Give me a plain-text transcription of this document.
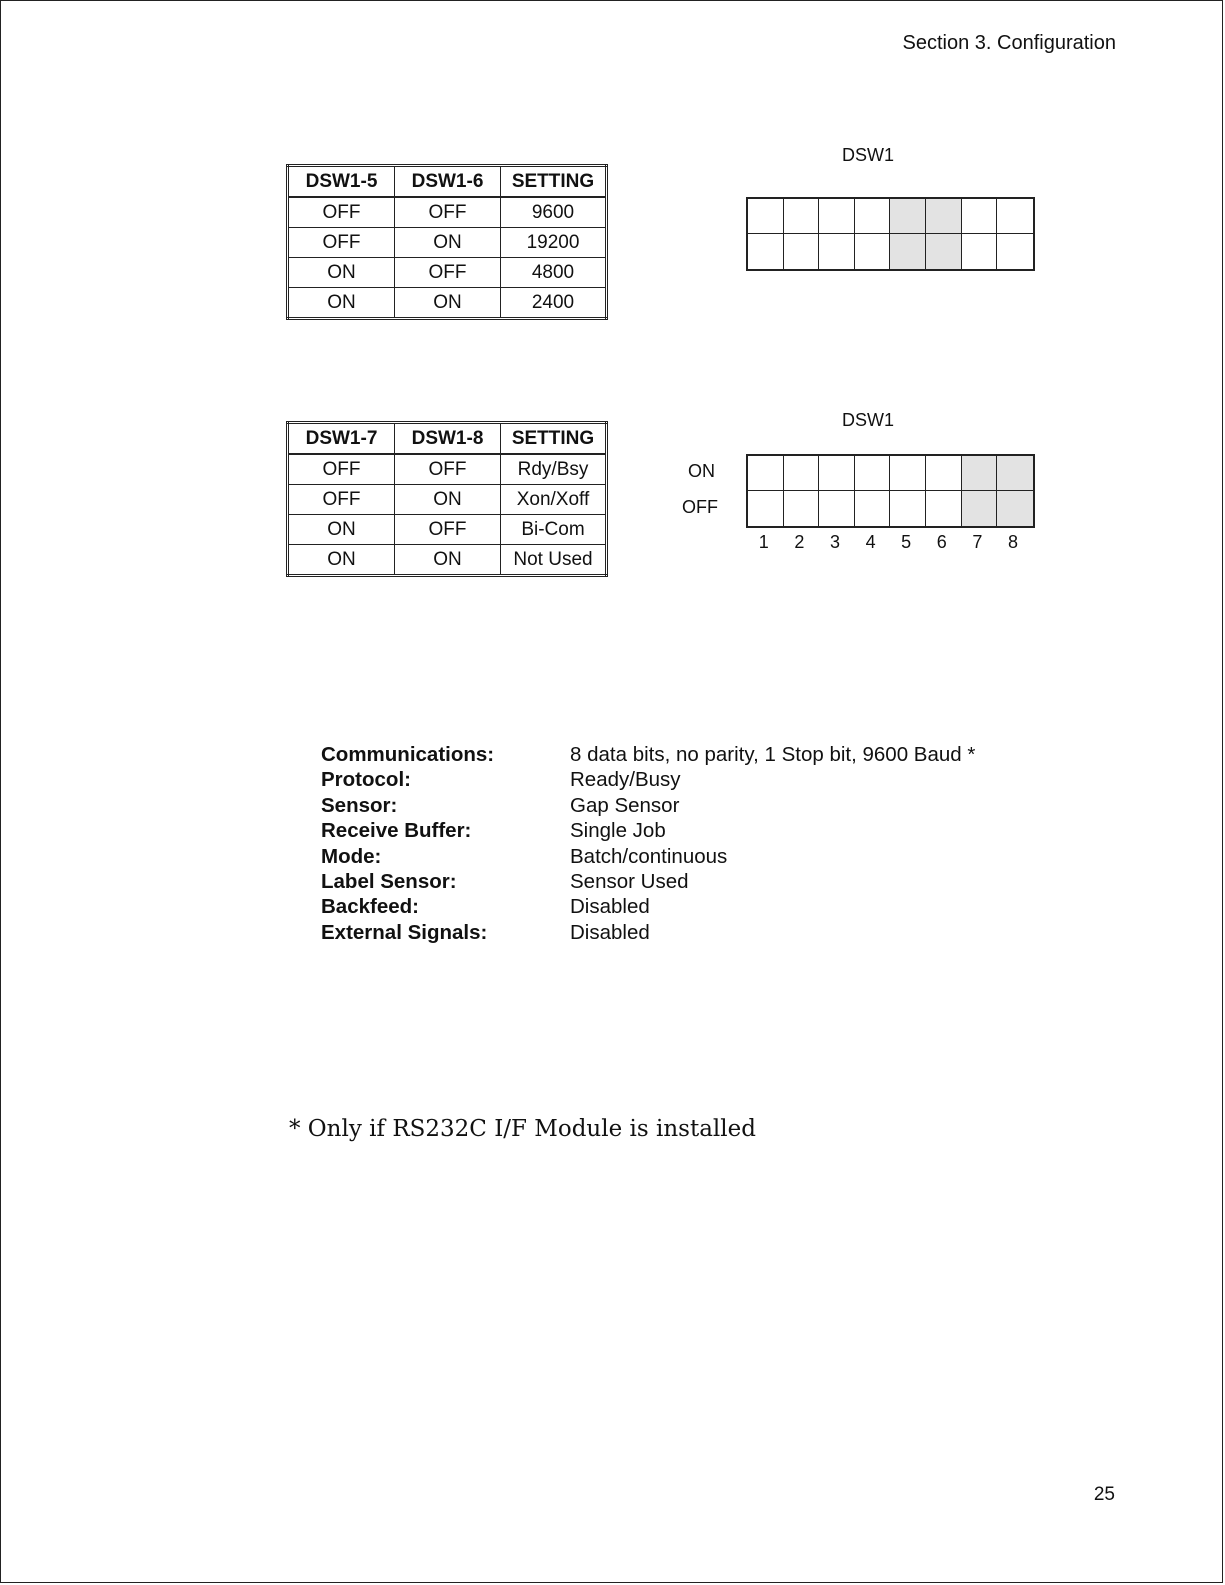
Section 3. Configuration
DSW1-5	DSW1-6	SETTING
OFF	OFF	9600
OFF	ON	19200
ON	OFF	4800
ON	ON	2400
DSW1
DSW1-7	DSW1-8	SETTING
OFF	OFF	Rdy/Bsy
OFF	ON	Xon/Xoff
ON	OFF	Bi-Com
ON	ON	Not Used
DSW1
ON
OFF
1	2	3	4	5	6	7	8
Communications:	8 data bits, no parity, 1 Stop bit, 9600 Baud *
Protocol:	Ready/Busy
Sensor:	Gap Sensor
Receive Buffer:	Single Job
Mode:	Batch/continuous
Label Sensor:	Sensor Used
Backfeed:	Disabled
External Signals:	Disabled
* Only if RS232C I/F Module is installed
25
